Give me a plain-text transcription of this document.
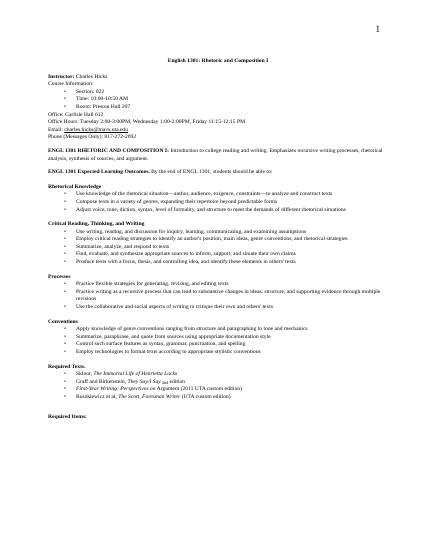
1
English 1301: Rhetoric and Composition I
Instructor: Charles Hicks
Course Information:
• Section: 022
• Time: 10:00-10:50 AM
• Room: Preston Hall 207
Office: Carlisle Hall 612
Office Hours: Tuesday 2:00-3:00PM, Wednesday 1:00-2:00PM, Friday 11:15-12:15 PM
Email: charles.hicks@mavs.uta.edu
Phone (Messages Only): 817-272-2692
ENGL 1301 RHETORIC AND COMPOSITION I: Introduction to college reading and writing. Emphasizes recursive writing processes, rhetorical analysis, synthesis of sources, and argument.
ENGL 1301 Expected Learning Outcomes. By the end of ENGL 1301, students should be able to:
Rhetorical Knowledge
• Use knowledge of the rhetorical situation—author, audience, exigence, constraints—to analyze and construct texts
• Compose texts in a variety of genres, expanding their repertoire beyond predictable forms
• Adjust voice, tone, diction, syntax, level of formality, and structure to meet the demands of different rhetorical situations
Critical Reading, Thinking, and Writing
• Use writing, reading, and discussion for inquiry, learning, communicating, and examining assumptions
• Employ critical reading strategies to identify an author's position, main ideas, genre conventions, and rhetorical strategies
• Summarize, analyze, and respond to texts
• Find, evaluate, and synthesize appropriate sources to inform, support, and situate their own claims
• Produce texts with a focus, thesis, and controlling idea, and identify these elements in others' texts
Processes
• Practice flexible strategies for generating, revising, and editing texts
• Practice writing as a recursive process that can lead to substantive changes in ideas, structure, and supporting evidence through multiple revisions
• Use the collaborative and social aspects of writing to critique their own and others' texts
Conventions
• Apply knowledge of genre conventions ranging from structure and paragraphing to tone and mechanics
• Summarize, paraphrase, and quote from sources using appropriate documentation style
• Control such surface features as syntax, grammar, punctuation, and spelling
• Employ technologies to format texts according to appropriate stylistic conventions
Required Texts.
• Skloot, The Immortal Life of Henrietta Lacks
• Graff and Birkenstein, They Say/I Say $^{2nd}$ edition
• First-Year Writing: Perspectives on Argument (2011 UTA custom edition)
• Ruszkiewicz et al, The Scott, Foresman Writer (UTA custom edition)
Required Items:
